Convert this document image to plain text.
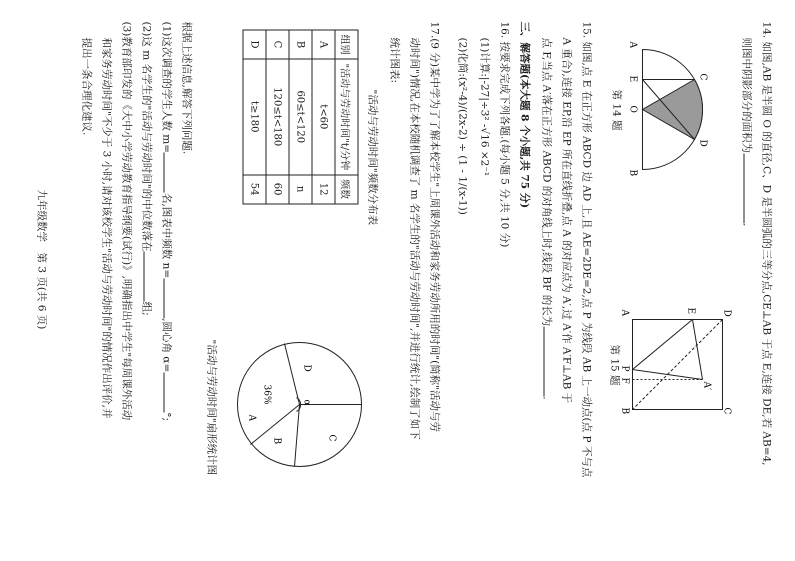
14. 如图,AB 是半圆 O 的直径,C、D 是半圆弧的三等分点,CE⊥AB 于点 E,连接 DE,若 AB=4,
则图中阴影部分的面积为.
C
D
A
E
O
B
第 14 题
D
C
E
A′
A
P
F
B
第 15 题
15. 如图,点 E 在正方形 ABCD 边 AD 上,且 AE=2DE=2,点 P 为线段 AB 上一动点(点 P 不与点
A 重合),连接 EP,沿 EP 所在直线折叠,点 A 的对应点为 A′,过 A′作 A′F⊥AB 于
点 F,当点 A′落在正方形 ABCD 的对角线上时,线段 BF 的长为.
三、解答题(本大题 8 个小题,共 75 分)
16. 按要求完成下列各题.(每小题 5 分,共 10 分)
(1)计算:|-27|÷3² -√16 ×2⁻¹
(2)化简:(x²-4)/(2x-2) ÷ (1 - 1/(x-1))
17.(9 分)某中学为了了解本校学生"上周课外活动和家务劳动所用的时间"(简称"活动与劳
动时间")情况,在本校随机调查了 m 名学生的"活动与劳动时间",并进行统计,绘制了如下
统计图表:
"活动与劳动时间"频数分布表
组别	"活动与劳动时间"t/分钟	频数
A	t<60	12
B	60≤t<120	n
C	120≤t<180	60
D	t≥180	54
C
B
A
D
36%	α
"活动与劳动时间"扇形统计图
根据上述信息,解答下列问题.
(1)这次调查的学生人数 m=名,图表中频数 n=,圆心角 α=°;
(2)这 m 名学生的"活动与劳动时间"的中位数落在组;
(3)教育部印发的《大中小学劳动教育指导纲要(试行)》,明确指出中学生"每周课外活动
和家务劳动时间"不少于 3 小时,请对该校学生"活动与劳动时间"的情况作出评价,并
提出一条合理化建议.
九年级数学　第 3 页(共 6 页)
